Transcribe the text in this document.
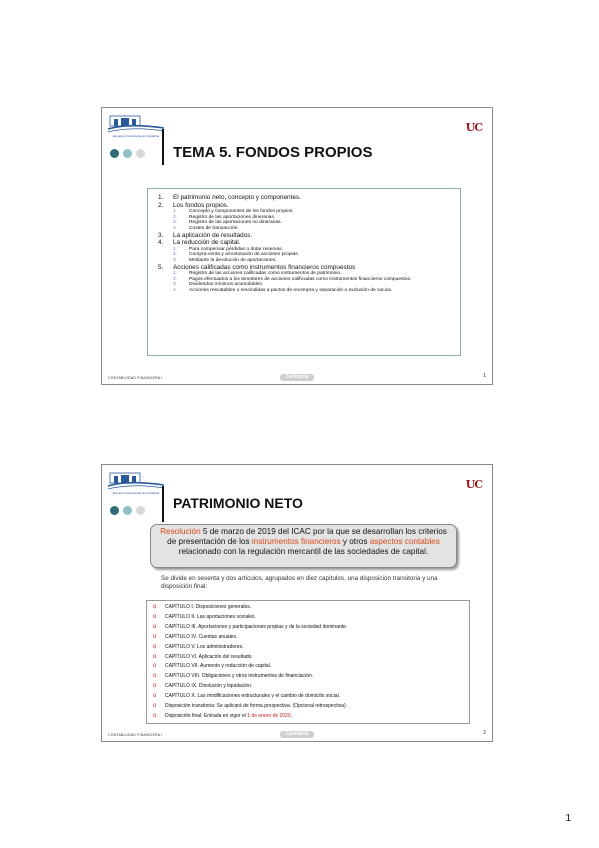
Escuela Universitaria de Cantabria
UC
TEMA 5. FONDOS PROPIOS
1.	El patrimonio neto, concepto y componentes.
2.	Los fondos propios.
1.	Concepto y componentes de los fondos propios.
2.	Registro de las aportaciones dinerarias.
3.	Registro de las aportaciones no dinerarias.
4.	Costes de transacción.
3.	La aplicación de resultados.
4.	La reducción de capital.
1.	Para compensar pérdidas o dotar reservas.
2.	Compra-venta y amortización de acciones propias.
3.	Mediante la devolución de aportaciones.
5.	Acciones calificadas como instrumentos financieros compuestos
1.	Registro de las acciones calificadas como instrumentos de patrimonio.
2.	Pagos efectuados a los tenedores de acciones calificadas como instrumentos financieros compuestos.
3.	Dividendos mínimos acumulables.
4.	Acciones rescatables o rescindidas a pactos de recompra y separación o exclusión de socios.
CONTABILIDAD FINANCIERA I	Cantabria	1
Escuela Universitaria de Cantabria
UC
PATRIMONIO NETO
Resolución 5 de marzo de 2019 del ICAC por la que se desarrollan los criterios de presentación de los instrumentos financieros y otros aspectos contables relacionado con la regulación mercantil de las sociedades de capital.
Se divide en sesenta y dos artículos, agrupados en diez capítulos, una disposición transitoria y una disposición final:
o	CAPÍTULO I. Disposiciones generales.
o	CAPÍTULO II. Las aportaciones sociales.
o	CAPÍTULO III. Aportaciones y participaciones propias y de la sociedad dominante.
o	CAPÍTULO IV. Cuentas anuales.
o	CAPÍTULO V. Los administradores.
o	CAPÍTULO VI. Aplicación del resultado.
o	CAPÍTULO VII. Aumento y reducción de capital.
o	CAPÍTULO VIII. Obligaciones y otros instrumentos de financiación.
o	CAPÍTULO IX. Disolución y liquidación.
o	CAPÍTULO X. Las modificaciones estructurales y el cambio de domicilio social.
o	Disposición transitoria: Se aplicará de forma prospectiva. (Opcional retrospectiva).
o	Disposición final: Entrada en vigor el 1 de enero de 2020.
CONTABILIDAD FINANCIERA I	Cantabria	2
1
